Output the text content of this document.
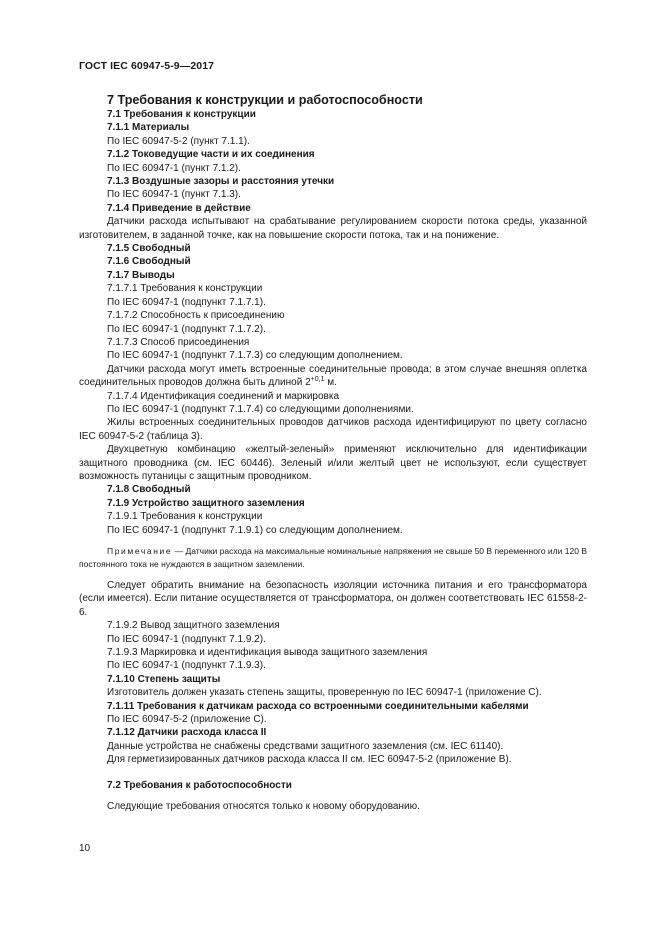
ГОСТ IEC 60947-5-9—2017

7 Требования к конструкции и работоспособности

7.1 Требования к конструкции

7.1.1 Материалы

По IEC 60947-5-2 (пункт 7.1.1).

7.1.2 Токоведущие части и их соединения

По IEC 60947-1 (пункт 7.1.2).

7.1.3 Воздушные зазоры и расстояния утечки

По IEC 60947-1 (пункт 7.1.3).

7.1.4 Приведение в действие

Датчики расхода испытывают на срабатывание регулированием скорости потока среды, указанной изготовителем, в заданной точке, как на повышение скорости потока, так и на понижение.

7.1.5 Свободный

7.1.6 Свободный

7.1.7 Выводы

7.1.7.1 Требования к конструкции

По IEC 60947-1 (подпункт 7.1.7.1).

7.1.7.2 Способность к присоединению

По IEC 60947-1 (подпункт 7.1.7.2).

7.1.7.3 Способ присоединения

По IEC 60947-1 (подпункт 7.1.7.3) со следующим дополнением.

Датчики расхода могут иметь встроенные соединительные провода; в этом случае внешняя оплетка соединительных проводов должна быть длиной $2^{+0,1}$ м.

7.1.7.4 Идентификация соединений и маркировка

По IEC 60947-1 (подпункт 7.1.7.4) со следующими дополнениями.

Жилы встроенных соединительных проводов датчиков расхода идентифицируют по цвету согласно IEC 60947-5-2 (таблица 3).

Двухцветную комбинацию «желтый-зеленый» применяют исключительно для идентификации защитного проводника (см. IEC 60446). Зеленый и/или желтый цвет не используют, если существует возможность путаницы с защитным проводником.

7.1.8 Свободный

7.1.9 Устройство защитного заземления

7.1.9.1 Требования к конструкции

По IEC 60947-1 (подпункт 7.1.9.1) со следующим дополнением.

Примечание — Датчики расхода на максимальные номинальные напряжения не свыше 50 В переменного или 120 В постоянного тока не нуждаются в защитном заземлении.

Следует обратить внимание на безопасность изоляции источника питания и его трансформатора (если имеется). Если питание осуществляется от трансформатора, он должен соответствовать IEC 61558-2-6.

7.1.9.2 Вывод защитного заземления

По IEC 60947-1 (подпункт 7.1.9.2).

7.1.9.3 Маркировка и идентификация вывода защитного заземления

По IEC 60947-1 (подпункт 7.1.9.3).

7.1.10 Степень защиты

Изготовитель должен указать степень защиты, проверенную по IEC 60947-1 (приложение С).

7.1.11 Требования к датчикам расхода со встроенными соединительными кабелями

По IEC 60947-5-2 (приложение С).

7.1.12 Датчики расхода класса II

Данные устройства не снабжены средствами защитного заземления (см. IEC 61140).

Для герметизированных датчиков расхода класса II см. IEC 60947-5-2 (приложение В).

7.2 Требования к работоспособности

Следующие требования относятся только к новому оборудованию.

10
